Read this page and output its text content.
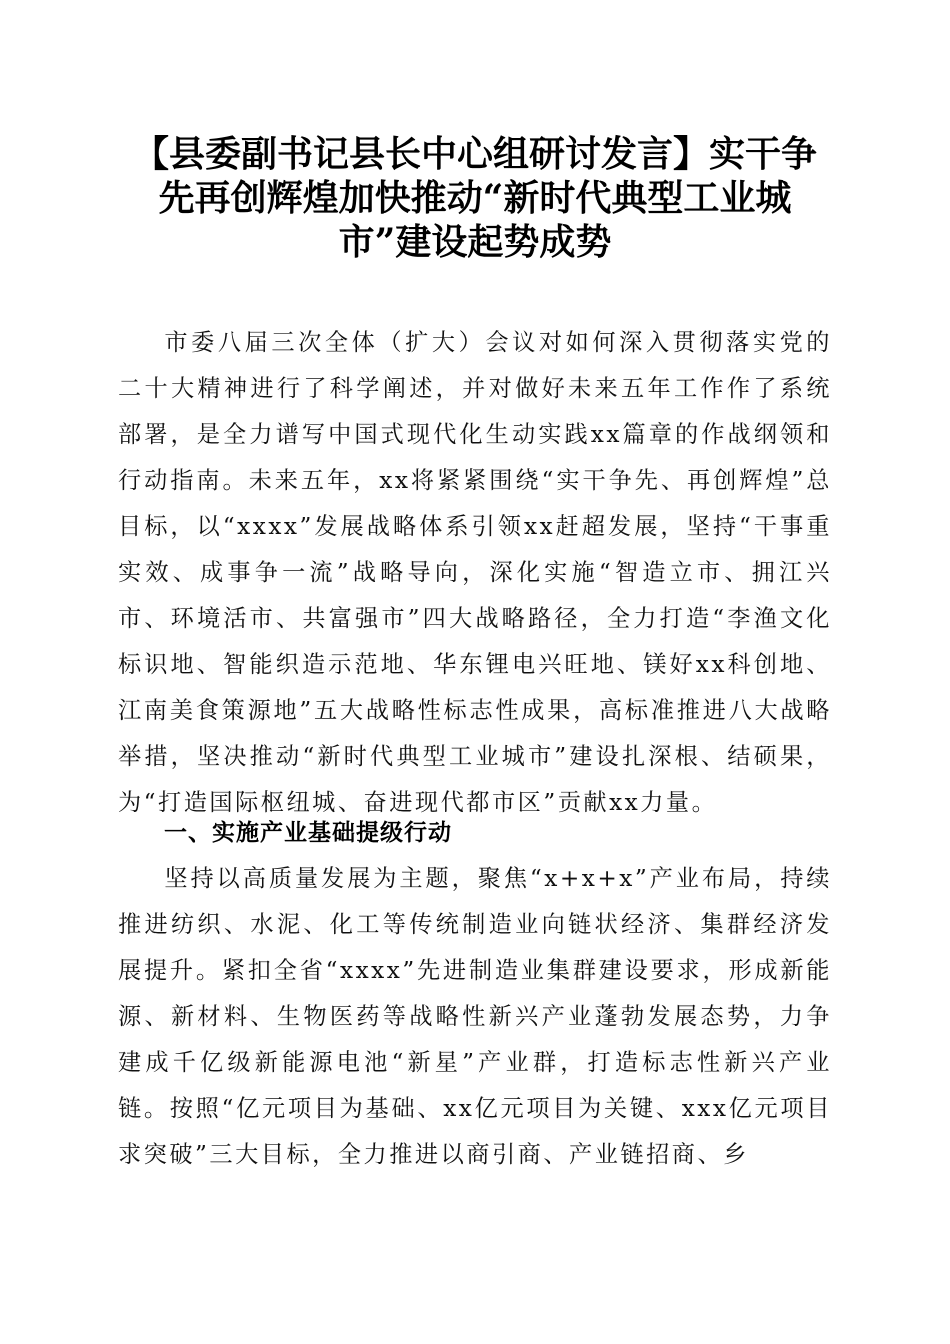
【县委副书记县长中心组研讨发言】实干争先再创辉煌加快推动“新时代典型工业城市”建设起势成势

市委八届三次全体（扩大）会议对如何深入贯彻落实党的二十大精神进行了科学阐述，并对做好未来五年工作作了系统部署，是全力谱写中国式现代化生动实践xx篇章的作战纲领和行动指南。未来五年，xx将紧紧围绕“实干争先、再创辉煌”总目标，以“xxxx”发展战略体系引领xx赶超发展，坚持“干事重实效、成事争一流”战略导向，深化实施“智造立市、拥江兴市、环境活市、共富强市”四大战略路径，全力打造“李渔文化标识地、智能织造示范地、华东锂电兴旺地、镁好xx科创地、江南美食策源地”五大战略性标志性成果，高标准推进八大战略举措，坚决推动“新时代典型工业城市”建设扎深根、结硕果，为“打造国际枢纽城、奋进现代都市区”贡献xx力量。

一、实施产业基础提级行动

坚持以高质量发展为主题，聚焦“x+x+x”产业布局，持续推进纺织、水泥、化工等传统制造业向链状经济、集群经济发展提升。紧扣全省“xxxx”先进制造业集群建设要求，形成新能源、新材料、生物医药等战略性新兴产业蓬勃发展态势，力争建成千亿级新能源电池“新星”产业群，打造标志性新兴产业链。按照“亿元项目为基础、xx亿元项目为关键、xxx亿元项目求突破”三大目标，全力推进以商引商、产业链招商、乡
